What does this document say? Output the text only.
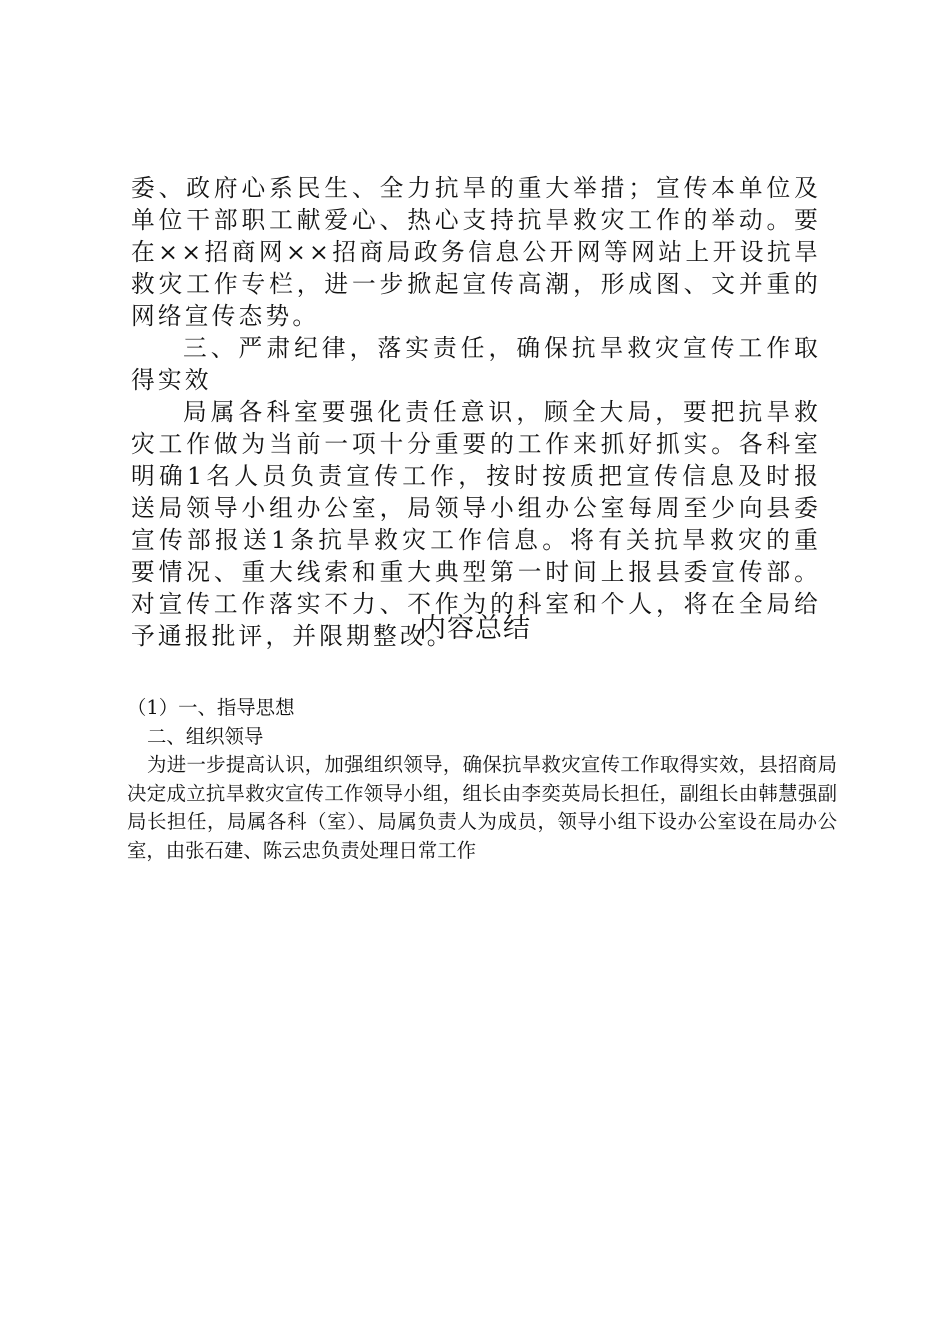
委、政府心系民生、全力抗旱的重大举措；宣传本单位及单位干部职工献爱心、热心支持抗旱救灾工作的举动。要在××招商网××招商局政务信息公开网等网站上开设抗旱救灾工作专栏，进一步掀起宣传高潮，形成图、文并重的网络宣传态势。

三、严肃纪律，落实责任，确保抗旱救灾宣传工作取得实效

局属各科室要强化责任意识，顾全大局，要把抗旱救灾工作做为当前一项十分重要的工作来抓好抓实。各科室明确1名人员负责宣传工作，按时按质把宣传信息及时报送局领导小组办公室，局领导小组办公室每周至少向县委宣传部报送1条抗旱救灾工作信息。将有关抗旱救灾的重要情况、重大线索和重大典型第一时间上报县委宣传部。对宣传工作落实不力、不作为的科室和个人，将在全局给予通报批评，并限期整改。

内容总结

（1）一、指导思想

二、组织领导

为进一步提高认识，加强组织领导，确保抗旱救灾宣传工作取得实效，县招商局决定成立抗旱救灾宣传工作领导小组，组长由李奕英局长担任，副组长由韩慧强副局长担任，局属各科（室）、局属负责人为成员，领导小组下设办公室设在局办公室，由张石建、陈云忠负责处理日常工作
